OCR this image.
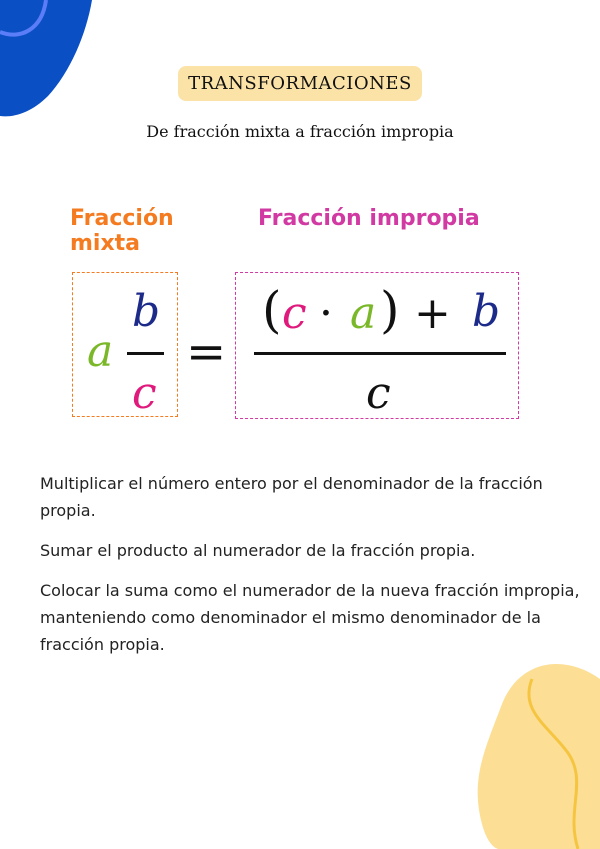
TRANSFORMACIONES
De fracción mixta a fracción impropia
Fracción mixta
Fracción impropia
a
b
c
=
( c · a ) + b
c

Multiplicar el número entero por el denominador de la fracción propia.

Sumar el producto al numerador de la fracción propia.

Colocar la suma como el numerador de la nueva fracción impropia, manteniendo como denominador el mismo denominador de la fracción propia.
